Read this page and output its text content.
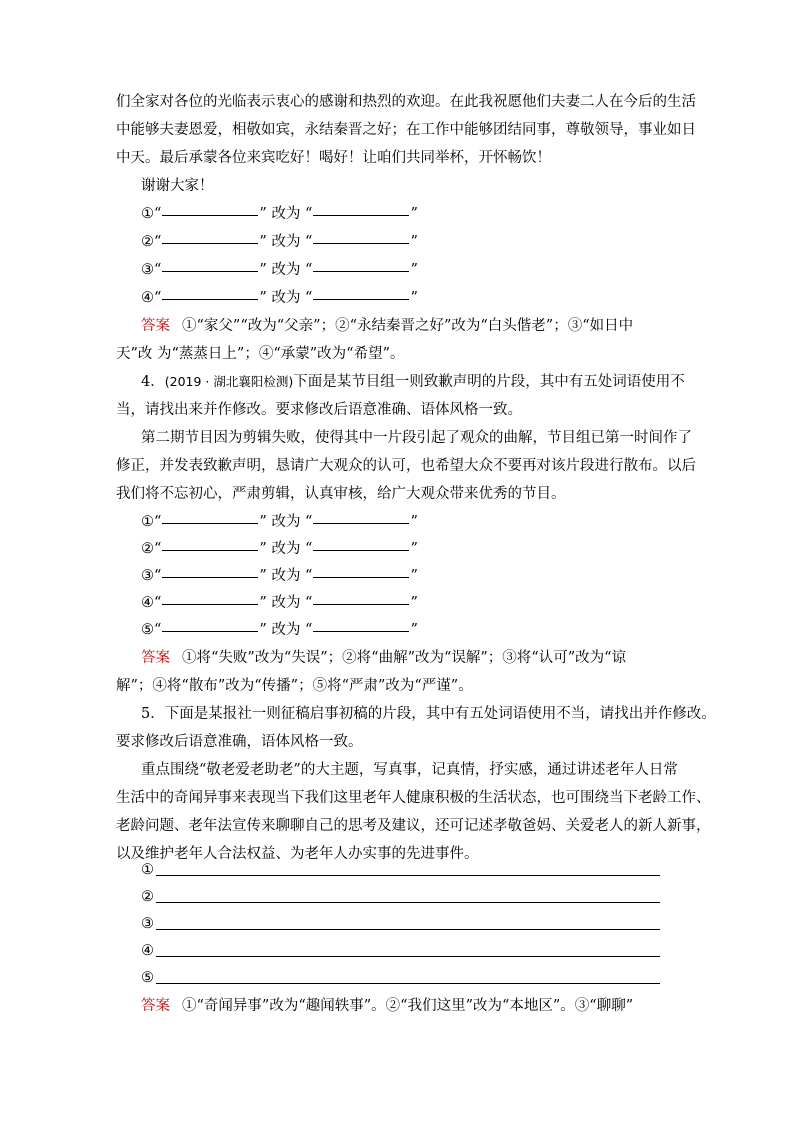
们全家对各位的光临表示衷心的感谢和热烈的欢迎。在此我祝愿他们夫妻二人在今后的生活
中能够夫妻恩爱，相敬如宾，永结秦晋之好；在工作中能够团结同事，尊敬领导，事业如日
中天。最后承蒙各位来宾吃好！喝好！让咱们共同举杯，开怀畅饮！
谢谢大家！
①“	” 改为 “	”
②“	” 改为 “	”
③“	” 改为 “	”
④“	” 改为 “	”
答案 ①“家父”“改为“父亲”；②“永结秦晋之好”改为“白头偕老”；③“如日中
天”改 为“蒸蒸日上”；④“承蒙”改为“希望”。
4．(2019 · 湖北襄阳检测)下面是某节目组一则致歉声明的片段，其中有五处词语使用不
当，请找出来并作修改。要求修改后语意准确、语体风格一致。
第二期节目因为剪辑失败，使得其中一片段引起了观众的曲解，节目组已第一时间作了
修正，并发表致歉声明，恳请广大观众的认可，也希望大众不要再对该片段进行散布。以后
我们将不忘初心，严肃剪辑，认真审核，给广大观众带来优秀的节目。
①“	” 改为 “	”
②“	” 改为 “	”
③“	” 改为 “	”
④“	” 改为 “	”
⑤“	” 改为 “	”
答案 ①将“失败”改为“失误”；②将“曲解”改为“误解”；③将“认可”改为“谅
解”；④将“散布”改为“传播”；⑤将“严肃”改为“严谨”。
5．下面是某报社一则征稿启事初稿的片段，其中有五处词语使用不当，请找出并作修改。
要求修改后语意准确，语体风格一致。
重点围绕“敬老爱老助老”的大主题，写真事，记真情，抒实感，通过讲述老年人日常
生活中的奇闻异事来表现当下我们这里老年人健康积极的生活状态，也可围绕当下老龄工作、
老龄问题、老年法宣传来聊聊自己的思考及建议，还可记述孝敬爸妈、关爱老人的新人新事，
以及维护老年人合法权益、为老年人办实事的先进事件。
①
②
③
④
⑤
答案 ①“奇闻异事”改为“趣闻轶事”。②“我们这里”改为“本地区”。③“聊聊”
